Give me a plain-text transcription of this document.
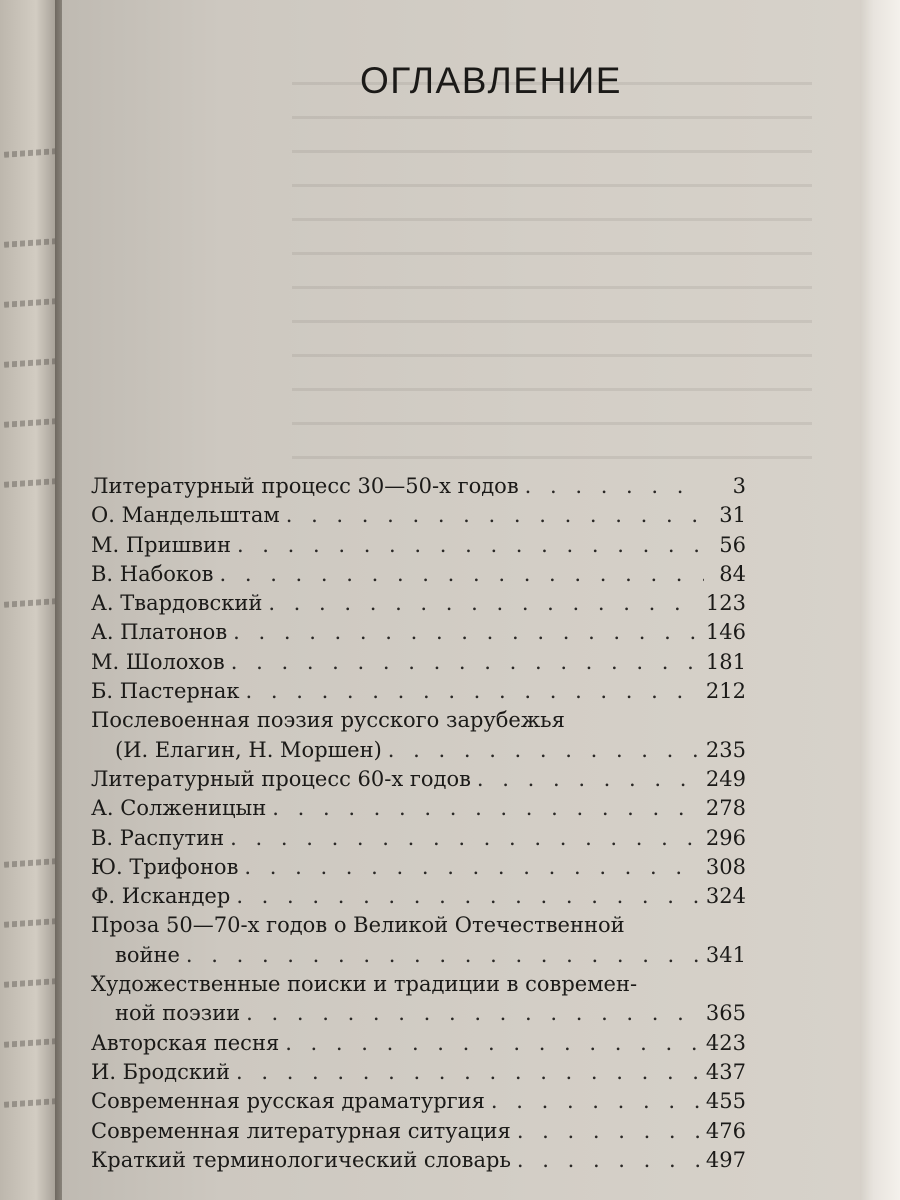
ОГЛАВЛЕНИЕ
Литературный процесс 30—50-х годов . . .	3
О. Мандельштам . . .	31
М. Пришвин . . .	56
В. Набоков . . .	84
А. Твардовский . . .	123
А. Платонов . . .	146
М. Шолохов . . .	181
Б. Пастернак . . .	212
Послевоенная поэзия русского зарубежья
(И. Елагин, Н. Моршен) . . .	235
Литературный процесс 60-х годов . . .	249
А. Солженицын . . .	278
В. Распутин . . .	296
Ю. Трифонов . . .	308
Ф. Искандер . . .	324
Проза 50—70-х годов о Великой Отечественной
войне . . .	341
Художественные поиски и традиции в современ-
ной поэзии . . .	365
Авторская песня . . .	423
И. Бродский . . .	437
Современная русская драматургия . . .	455
Современная литературная ситуация . . .	476
Краткий терминологический словарь . . .	497
